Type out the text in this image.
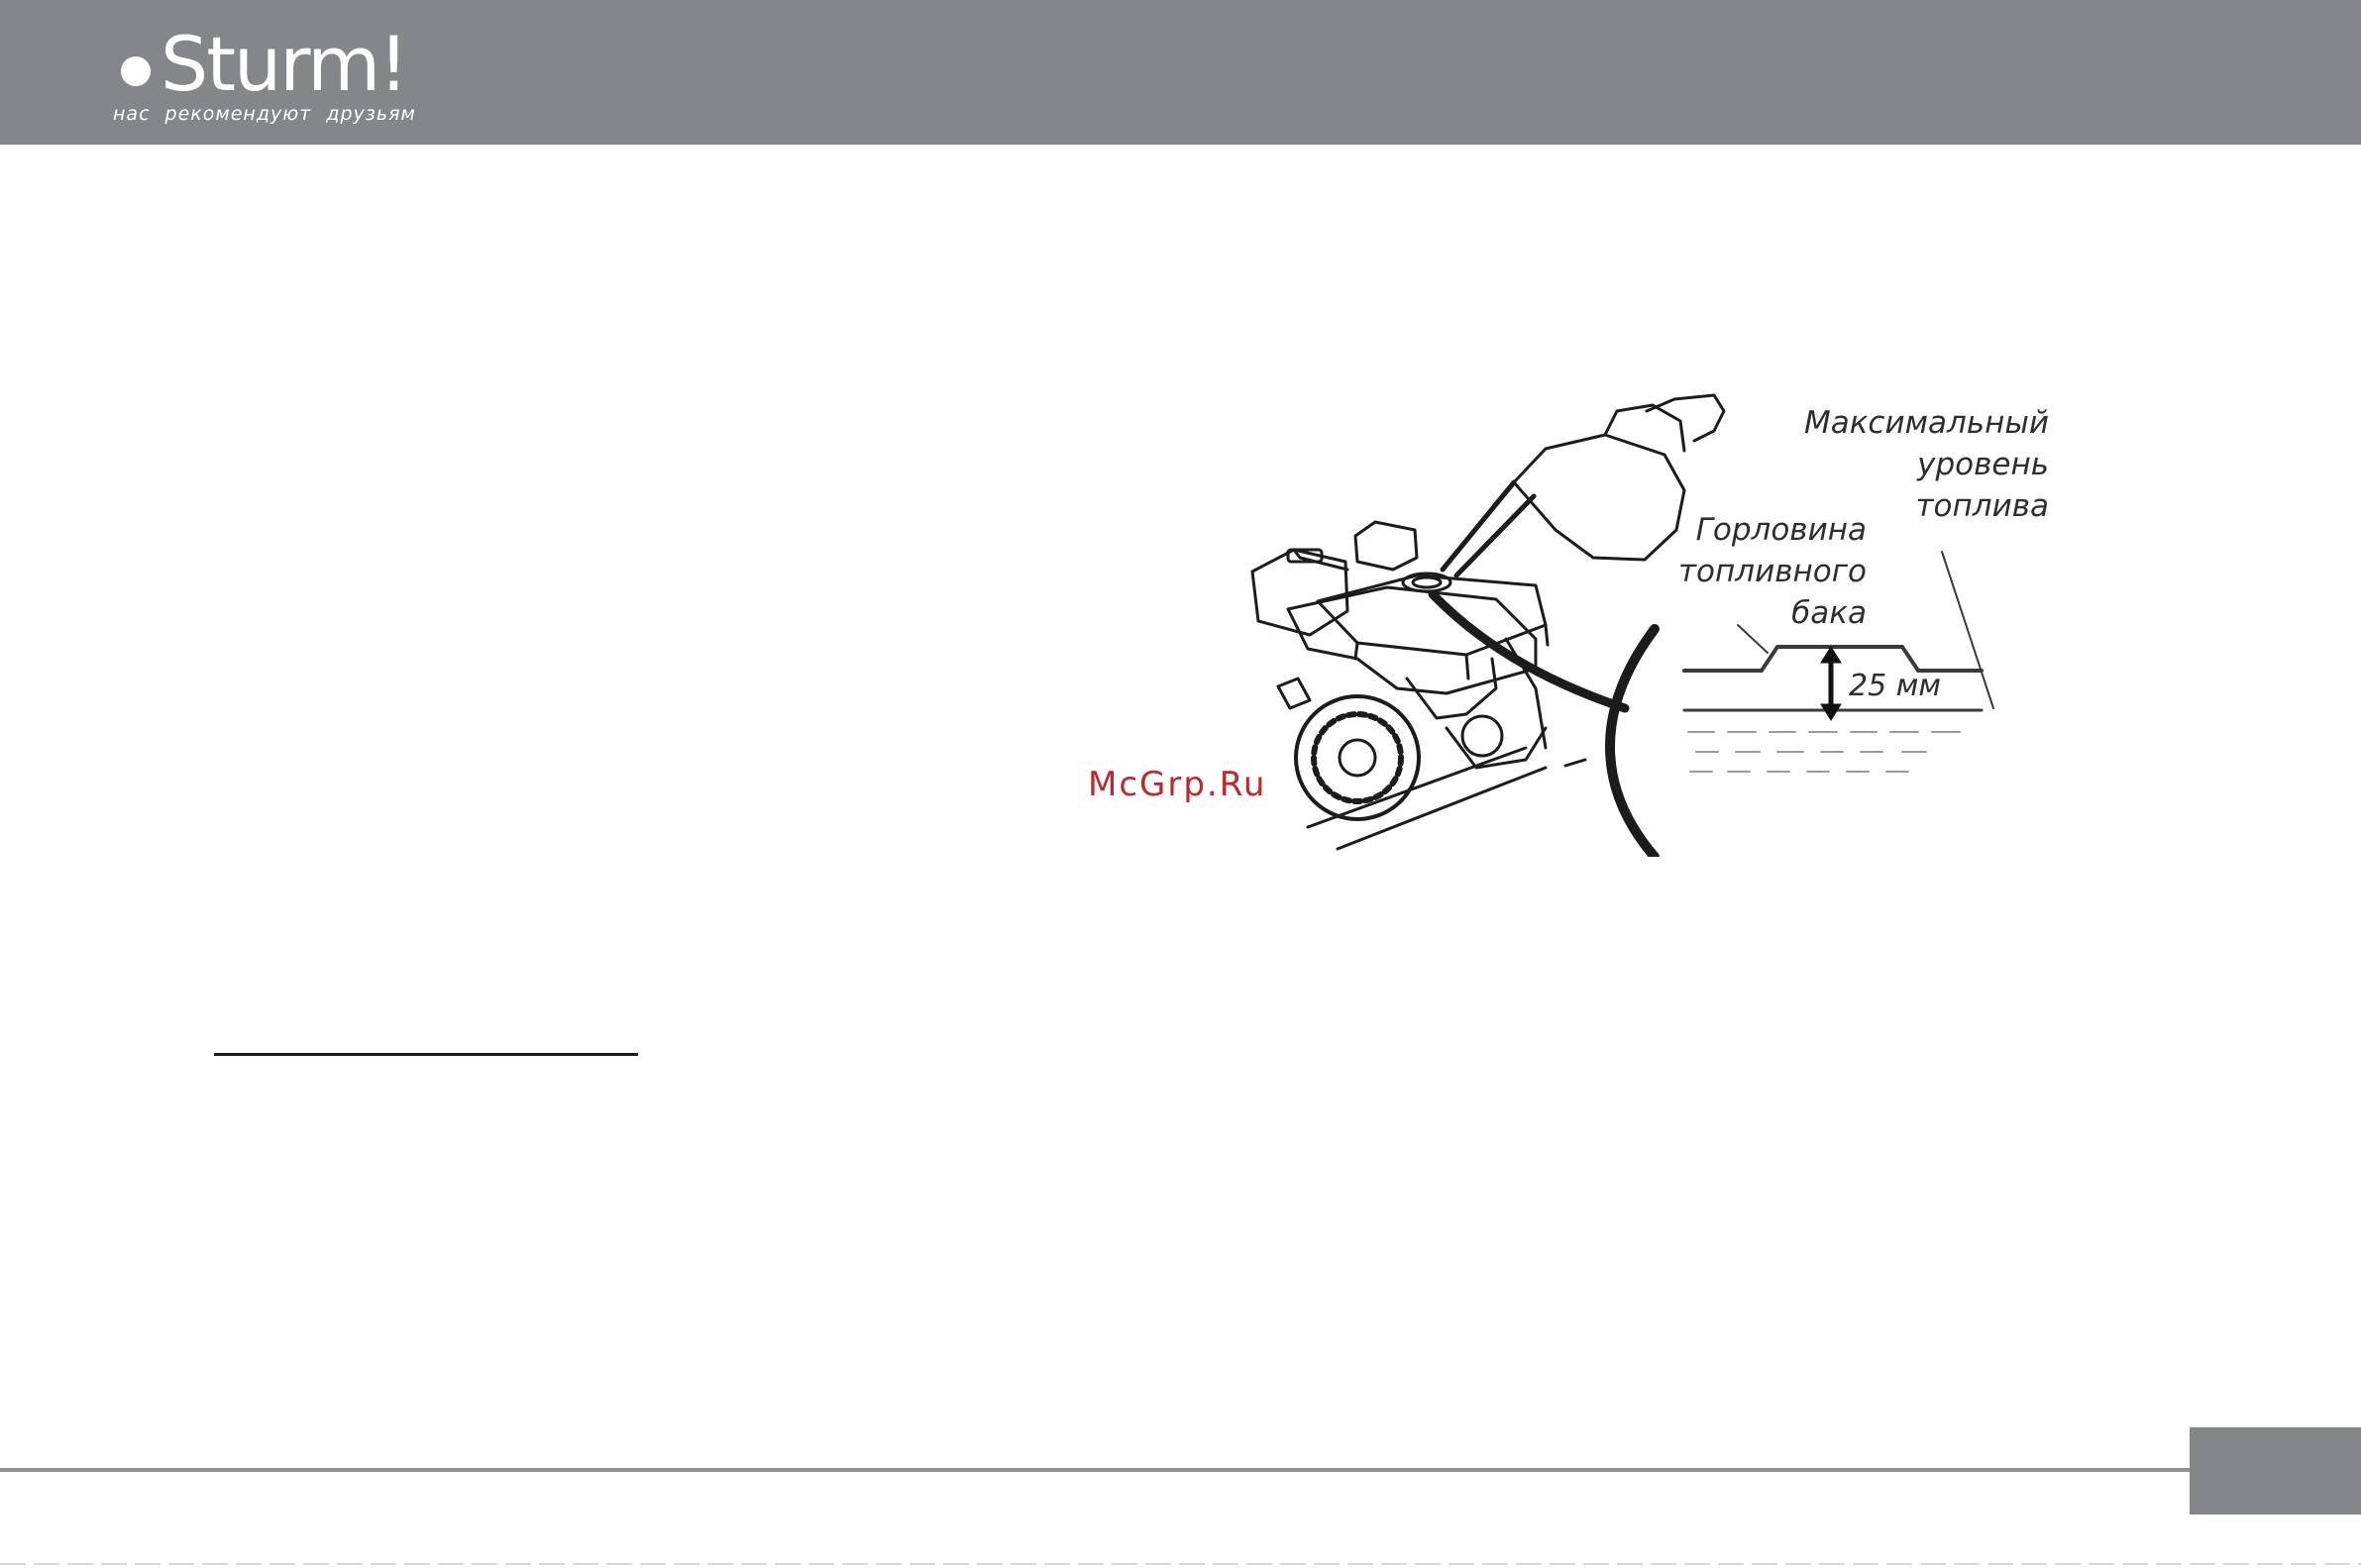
Sturm!
нас рекомендуют друзьям
Максимальный
уровень
топлива
Горловина
топливного
бака
25 мм
McGrp.Ru
